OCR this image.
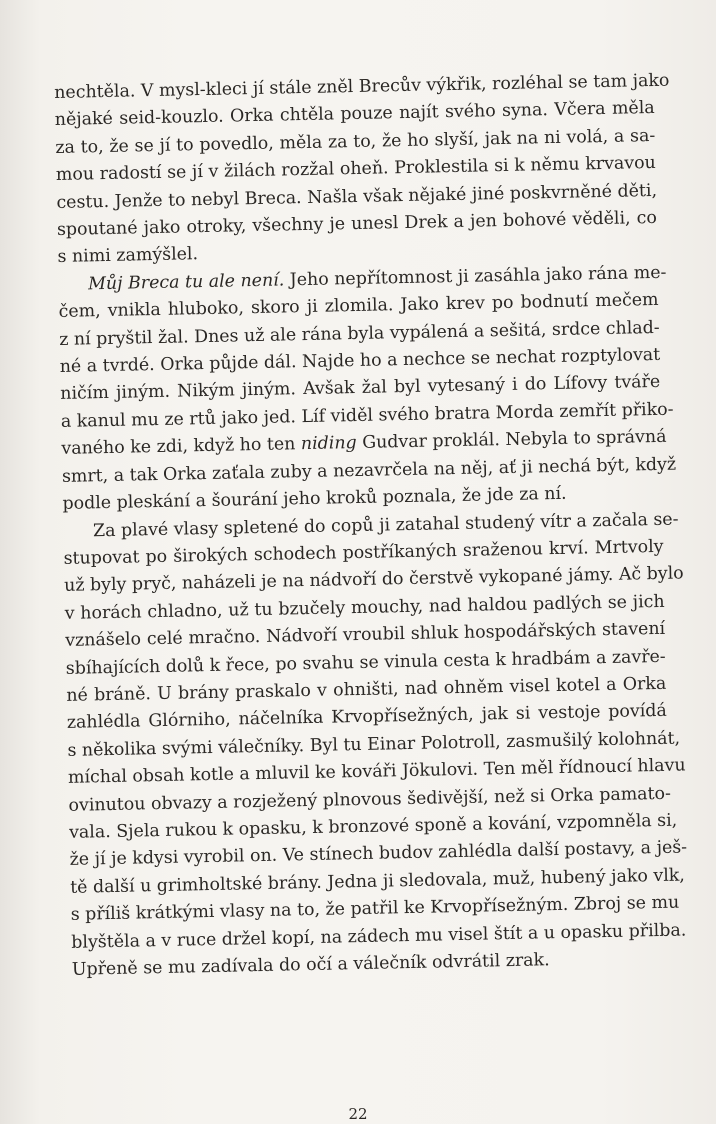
nechtěla. V mysl-kleci jí stále zněl Brecův výkřik, rozléhal se tam jako
nějaké seid-kouzlo. Orka chtěla pouze najít svého syna. Včera měla
za to, že se jí to povedlo, měla za to, že ho slyší, jak na ni volá, a sa-
mou radostí se jí v žilách rozžal oheň. Proklestila si k němu krvavou
cestu. Jenže to nebyl Breca. Našla však nějaké jiné poskvrněné děti,
spoutané jako otroky, všechny je unesl Drek a jen bohové věděli, co
s nimi zamýšlel.
Můj Breca tu ale není. Jeho nepřítomnost ji zasáhla jako rána me-
čem, vnikla hluboko, skoro ji zlomila. Jako krev po bodnutí mečem
z ní pryštil žal. Dnes už ale rána byla vypálená a sešitá, srdce chlad-
né a tvrdé. Orka půjde dál. Najde ho a nechce se nechat rozptylovat
ničím jiným. Nikým jiným. Avšak žal byl vytesaný i do Lífovy tváře
a kanul mu ze rtů jako jed. Líf viděl svého bratra Morda zemřít přiko-
vaného ke zdi, když ho ten niding Gudvar proklál. Nebyla to správná
smrt, a tak Orka zaťala zuby a nezavrčela na něj, ať ji nechá být, když
podle pleskání a šourání jeho kroků poznala, že jde za ní.
Za plavé vlasy spletené do copů ji zatahal studený vítr a začala se-
stupovat po širokých schodech postříkaných sraženou krví. Mrtvoly
už byly pryč, naházeli je na nádvoří do čerstvě vykopané jámy. Ač bylo
v horách chladno, už tu bzučely mouchy, nad haldou padlých se jich
vznášelo celé mračno. Nádvoří vroubil shluk hospodářských stavení
sbíhajících dolů k řece, po svahu se vinula cesta k hradbám a zavře-
né bráně. U brány praskalo v ohništi, nad ohněm visel kotel a Orka
zahlédla Glórniho, náčelníka Krvopřísežných, jak si vestoje povídá
s několika svými válečníky. Byl tu Einar Polotroll, zasmušilý kolohnát,
míchal obsah kotle a mluvil ke kováři Jökulovi. Ten měl řídnoucí hlavu
ovinutou obvazy a rozježený plnovous šedivější, než si Orka pamato-
vala. Sjela rukou k opasku, k bronzové sponě a kování, vzpomněla si,
že jí je kdysi vyrobil on. Ve stínech budov zahlédla další postavy, a ješ-
tě další u grimholtské brány. Jedna ji sledovala, muž, hubený jako vlk,
s příliš krátkými vlasy na to, že patřil ke Krvopřísežným. Zbroj se mu
blyštěla a v ruce držel kopí, na zádech mu visel štít a u opasku přilba.
Upřeně se mu zadívala do očí a válečník odvrátil zrak.
22
